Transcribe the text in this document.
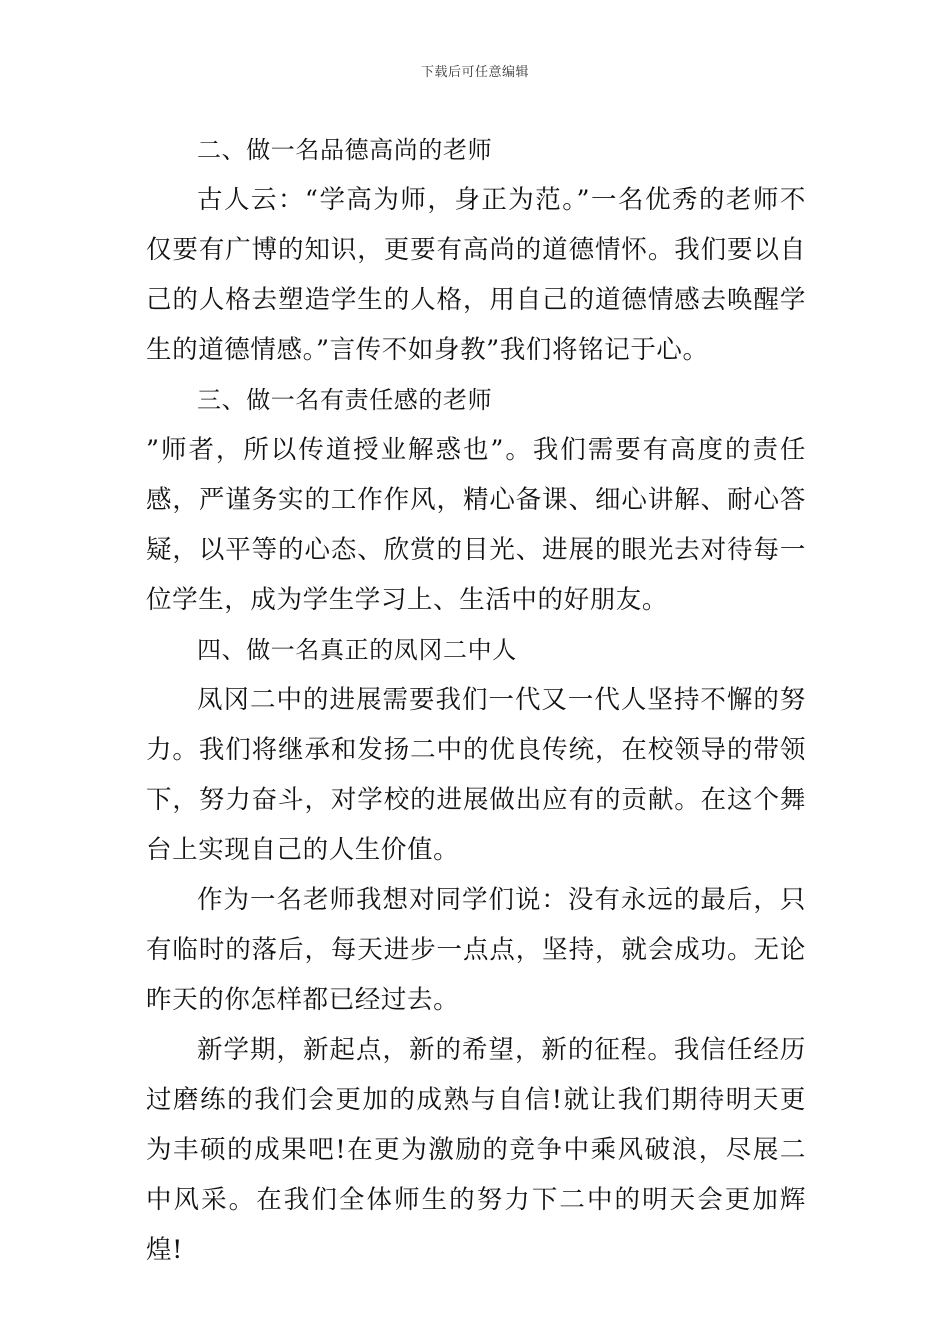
下载后可任意编辑

二、做一名品德高尚的老师

古人云：“学高为师，身正为范。”一名优秀的老师不仅要有广博的知识，更要有高尚的道德情怀。我们要以自己的人格去塑造学生的人格，用自己的道德情感去唤醒学生的道德情感。”言传不如身教”我们将铭记于心。

三、做一名有责任感的老师

”师者，所以传道授业解惑也”。我们需要有高度的责任感，严谨务实的工作作风，精心备课、细心讲解、耐心答疑，以平等的心态、欣赏的目光、进展的眼光去对待每一位学生，成为学生学习上、生活中的好朋友。

四、做一名真正的凤冈二中人

凤冈二中的进展需要我们一代又一代人坚持不懈的努力。我们将继承和发扬二中的优良传统，在校领导的带领下，努力奋斗，对学校的进展做出应有的贡献。在这个舞台上实现自己的人生价值。

作为一名老师我想对同学们说：没有永远的最后，只有临时的落后，每天进步一点点，坚持，就会成功。无论昨天的你怎样都已经过去。

新学期，新起点，新的希望，新的征程。我信任经历过磨练的我们会更加的成熟与自信!就让我们期待明天更为丰硕的成果吧!在更为激励的竞争中乘风破浪，尽展二中风采。在我们全体师生的努力下二中的明天会更加辉煌!
